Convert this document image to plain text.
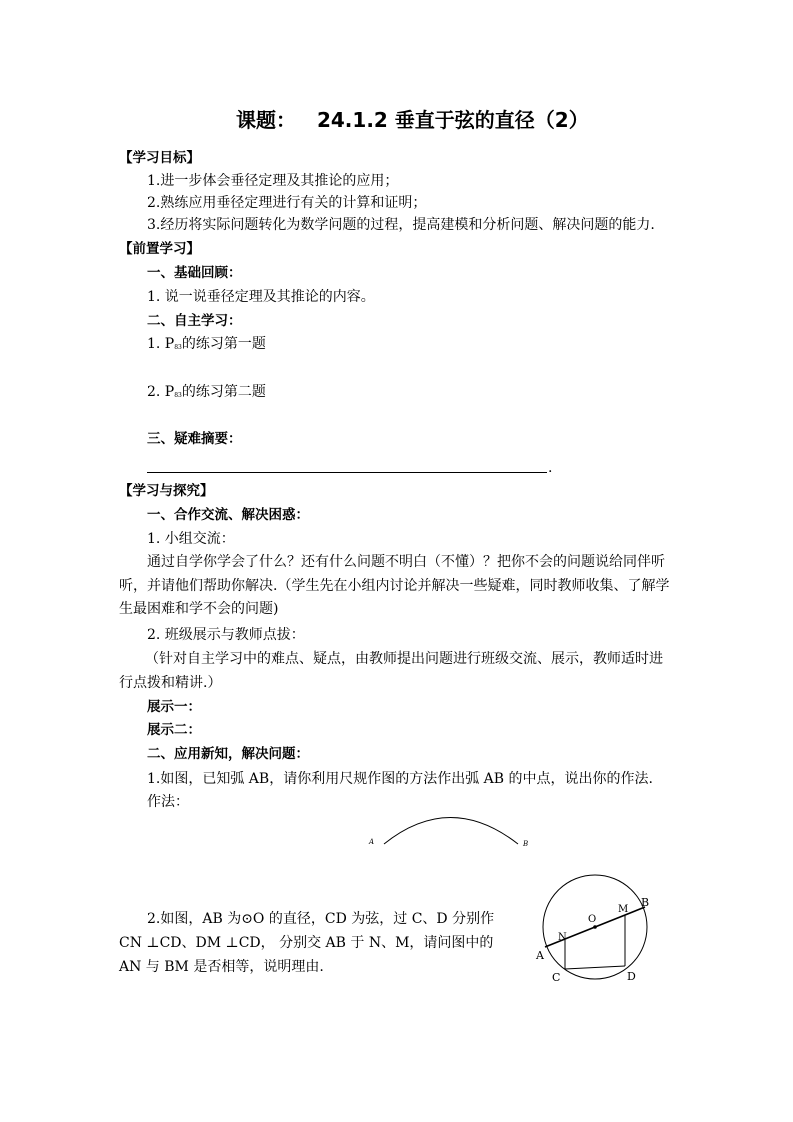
课题： 24.1.2 垂直于弦的直径（2）
【学习目标】
1.进一步体会垂径定理及其推论的应用；
2.熟练应用垂径定理进行有关的计算和证明；
3.经历将实际问题转化为数学问题的过程，提高建模和分析问题、解决问题的能力.
【前置学习】
一、基础回顾：
1. 说一说垂径定理及其推论的内容。
二、自主学习：
1. $P_{83}$的练习第一题
2. $P_{83}$的练习第二题
三、疑难摘要：
.
【学习与探究】
一、合作交流、解决困惑：
1. 小组交流：
通过自学你学会了什么？还有什么问题不明白（不懂）？把你不会的问题说给同伴听听，并请他们帮助你解决.（学生先在小组内讨论并解决一些疑难，同时教师收集、了解学生最困难和学不会的问题)
2. 班级展示与教师点拔：
（针对自主学习中的难点、疑点，由教师提出问题进行班级交流、展示，教师适时进行点拨和精讲.）
展示一：
展示二：
二、应用新知，解决问题：
1.如图，已知弧 AB，请你利用尺规作图的方法作出弧 AB 的中点，说出你的作法.
作法：
A	B
2.如图，AB 为⊙O 的直径，CD 为弦，过 C、D 分别作 CN ⊥CD、DM ⊥CD， 分别交 AB 于 N、M，请问图中的 AN 与 BM 是否相等，说明理由.
O
M
B
N
A
C	D
